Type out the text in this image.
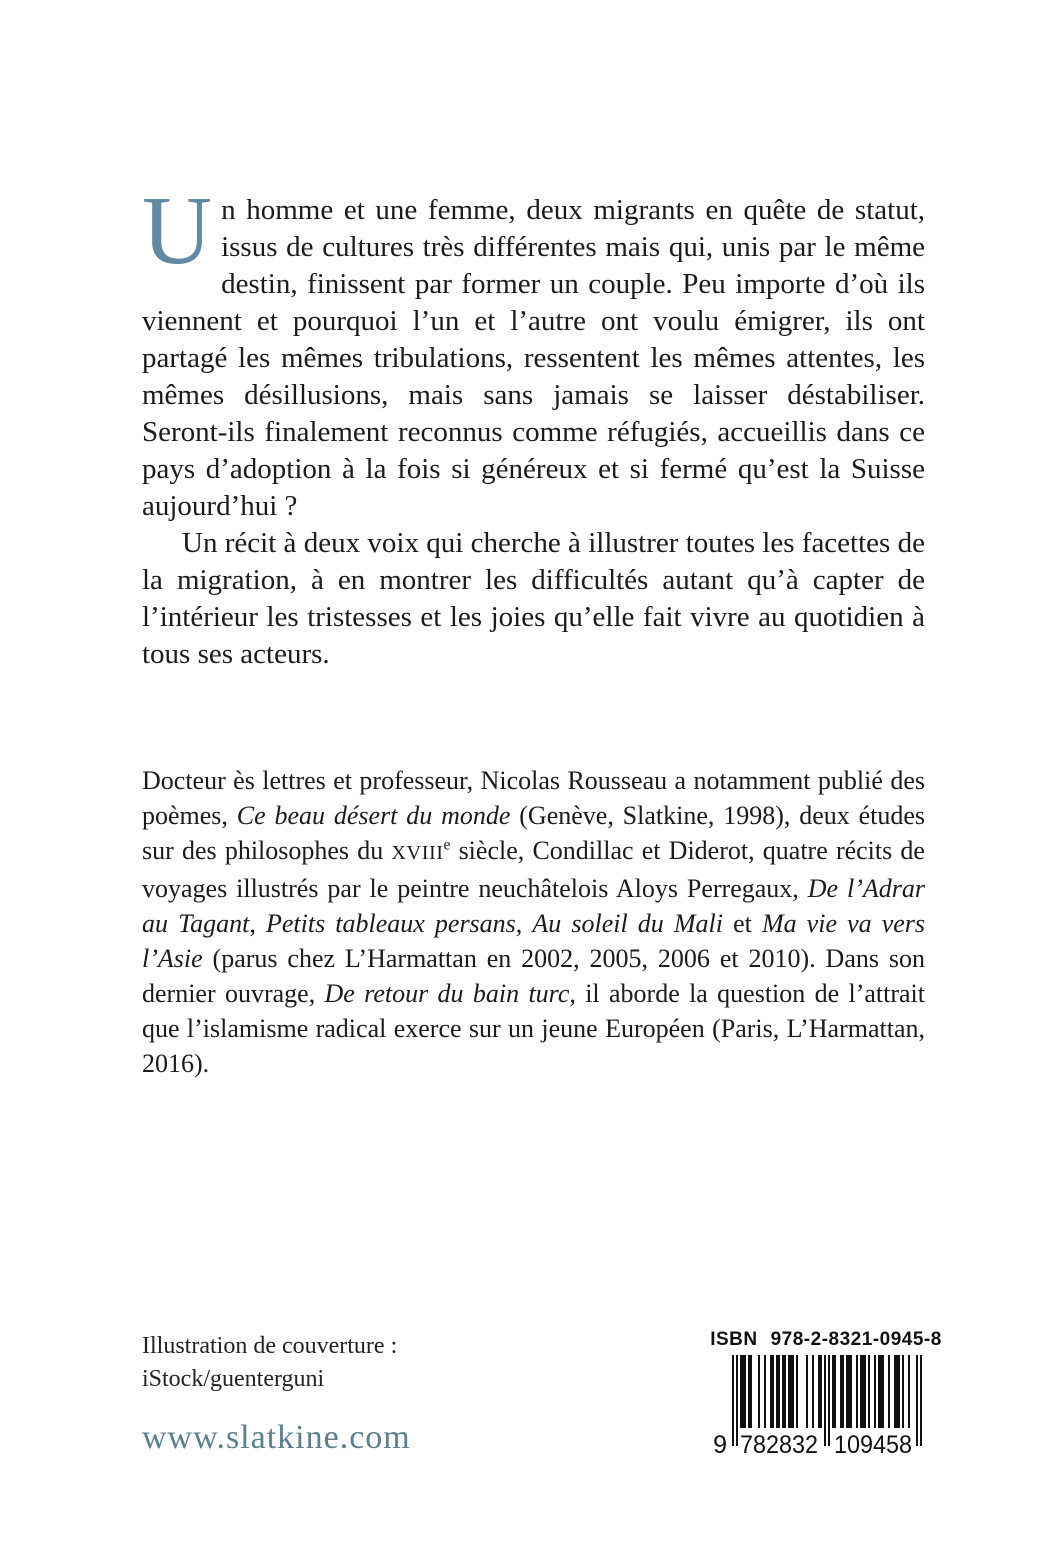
Un homme et une femme, deux migrants en quête de statut, issus de cultures très différentes mais qui, unis par le même destin, finissent par former un couple. Peu importe d’où ils viennent et pourquoi l’un et l’autre ont voulu émigrer, ils ont partagé les mêmes tribulations, ressentent les mêmes attentes, les mêmes désillusions, mais sans jamais se laisser déstabiliser. Seront-ils finalement reconnus comme réfugiés, accueillis dans ce pays d’adoption à la fois si généreux et si fermé qu’est la Suisse aujourd’hui ?

Un récit à deux voix qui cherche à illustrer toutes les facettes de la migration, à en montrer les difficultés autant qu’à capter de l’intérieur les tristesses et les joies qu’elle fait vivre au quotidien à tous ses acteurs.

Docteur ès lettres et professeur, Nicolas Rousseau a notamment publié des poèmes, Ce beau désert du monde (Genève, Slatkine, 1998), deux études sur des philosophes du XVIIIe siècle, Condillac et Diderot, quatre récits de voyages illustrés par le peintre neuchâtelois Aloys Perregaux, De l’Adrar au Tagant, Petits tableaux persans, Au soleil du Mali et Ma vie va vers l’Asie (parus chez L’Harmattan en 2002, 2005, 2006 et 2010). Dans son dernier ouvrage, De retour du bain turc, il aborde la question de l’attrait que l’islamisme radical exerce sur un jeune Européen (Paris, L’Harmattan, 2016).

Illustration de couverture :
iStock/guenterguni
www.slatkine.com
ISBN 978-2-8321-0945-8
9 782832 109458
